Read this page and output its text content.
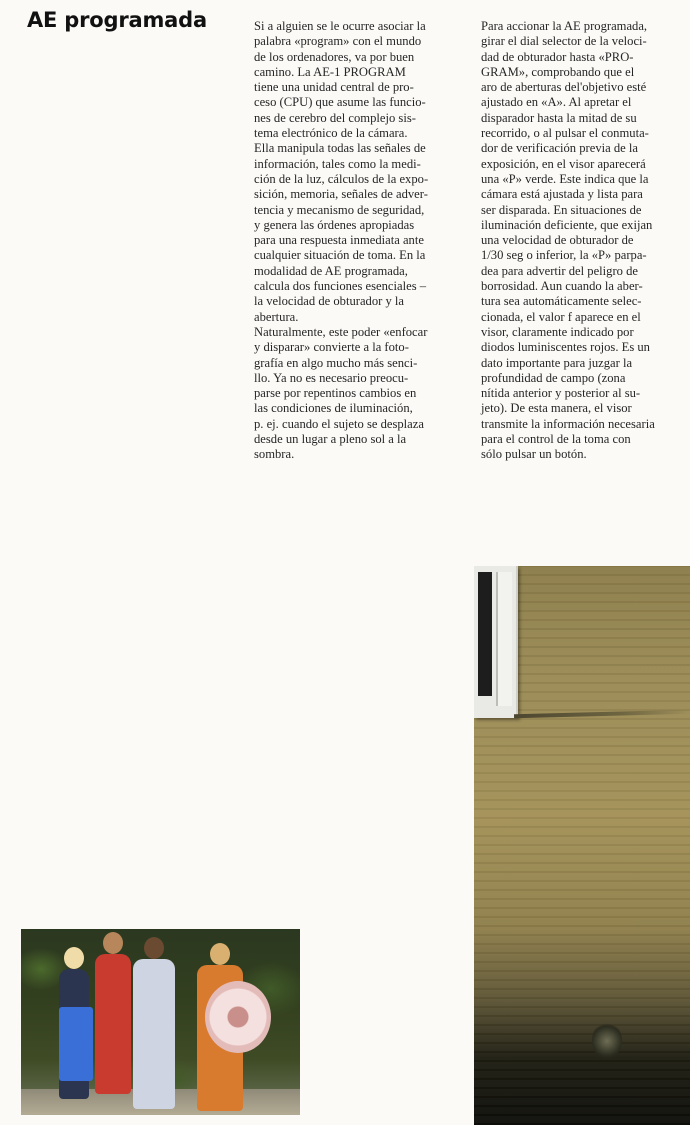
AE programada	Si a alguien se le ocurre asociar la
palabra «program» con el mundo
de los ordenadores, va por buen
camino. La AE-1 PROGRAM
tiene una unidad central de pro-
ceso (CPU) que asume las funcio-
nes de cerebro del complejo sis-
tema electrónico de la cámara.
Ella manipula todas las señales de
información, tales como la medi-
ción de la luz, cálculos de la expo-
sición, memoria, señales de adver-
tencia y mecanismo de seguridad,
y genera las órdenes apropiadas
para una respuesta inmediata ante
cualquier situación de toma. En la
modalidad de AE programada,
calcula dos funciones esenciales –
la velocidad de obturador y la
abertura.

Naturalmente, este poder «enfocar
y disparar» convierte a la foto-
grafía en algo mucho más senci-
llo. Ya no es necesario preocu-
parse por repentinos cambios en
las condiciones de iluminación,
p. ej. cuando el sujeto se desplaza
desde un lugar a pleno sol a la
sombra.

Para accionar la AE programada,
girar el dial selector de la veloci-
dad de obturador hasta «PRO-
GRAM», comprobando que el
aro de aberturas del'objetivo esté
ajustado en «A». Al apretar el
disparador hasta la mitad de su
recorrido, o al pulsar el conmuta-
dor de verificación previa de la
exposición, en el visor aparecerá
una «P» verde. Este indica que la
cámara está ajustada y lista para
ser disparada. En situaciones de
iluminación deficiente, que exijan
una velocidad de obturador de
1/30 seg o inferior, la «P» parpa-
dea para advertir del peligro de
borrosidad. Aun cuando la aber-
tura sea automáticamente selec-
cionada, el valor f aparece en el
visor, claramente indicado por
diodos luminiscentes rojos. Es un
dato importante para juzgar la
profundidad de campo (zona
nítida anterior y posterior al su-
jeto). De esta manera, el visor
transmite la información necesaria
para el control de la toma con
sólo pulsar un botón.
